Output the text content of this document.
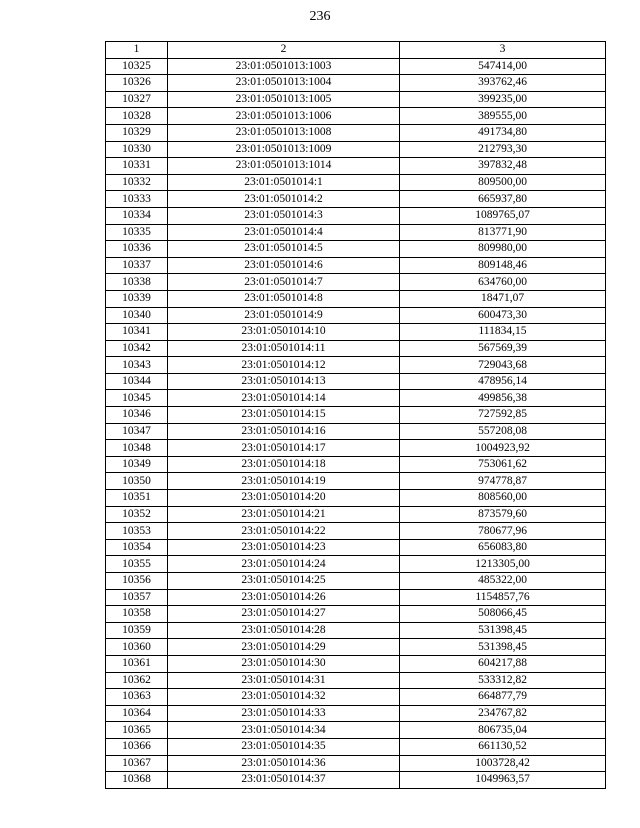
236
1	2	3
10325	23:01:0501013:1003	547414,00
10326	23:01:0501013:1004	393762,46
10327	23:01:0501013:1005	399235,00
10328	23:01:0501013:1006	389555,00
10329	23:01:0501013:1008	491734,80
10330	23:01:0501013:1009	212793,30
10331	23:01:0501013:1014	397832,48
10332	23:01:0501014:1	809500,00
10333	23:01:0501014:2	665937,80
10334	23:01:0501014:3	1089765,07
10335	23:01:0501014:4	813771,90
10336	23:01:0501014:5	809980,00
10337	23:01:0501014:6	809148,46
10338	23:01:0501014:7	634760,00
10339	23:01:0501014:8	18471,07
10340	23:01:0501014:9	600473,30
10341	23:01:0501014:10	111834,15
10342	23:01:0501014:11	567569,39
10343	23:01:0501014:12	729043,68
10344	23:01:0501014:13	478956,14
10345	23:01:0501014:14	499856,38
10346	23:01:0501014:15	727592,85
10347	23:01:0501014:16	557208,08
10348	23:01:0501014:17	1004923,92
10349	23:01:0501014:18	753061,62
10350	23:01:0501014:19	974778,87
10351	23:01:0501014:20	808560,00
10352	23:01:0501014:21	873579,60
10353	23:01:0501014:22	780677,96
10354	23:01:0501014:23	656083,80
10355	23:01:0501014:24	1213305,00
10356	23:01:0501014:25	485322,00
10357	23:01:0501014:26	1154857,76
10358	23:01:0501014:27	508066,45
10359	23:01:0501014:28	531398,45
10360	23:01:0501014:29	531398,45
10361	23:01:0501014:30	604217,88
10362	23:01:0501014:31	533312,82
10363	23:01:0501014:32	664877,79
10364	23:01:0501014:33	234767,82
10365	23:01:0501014:34	806735,04
10366	23:01:0501014:35	661130,52
10367	23:01:0501014:36	1003728,42
10368	23:01:0501014:37	1049963,57
